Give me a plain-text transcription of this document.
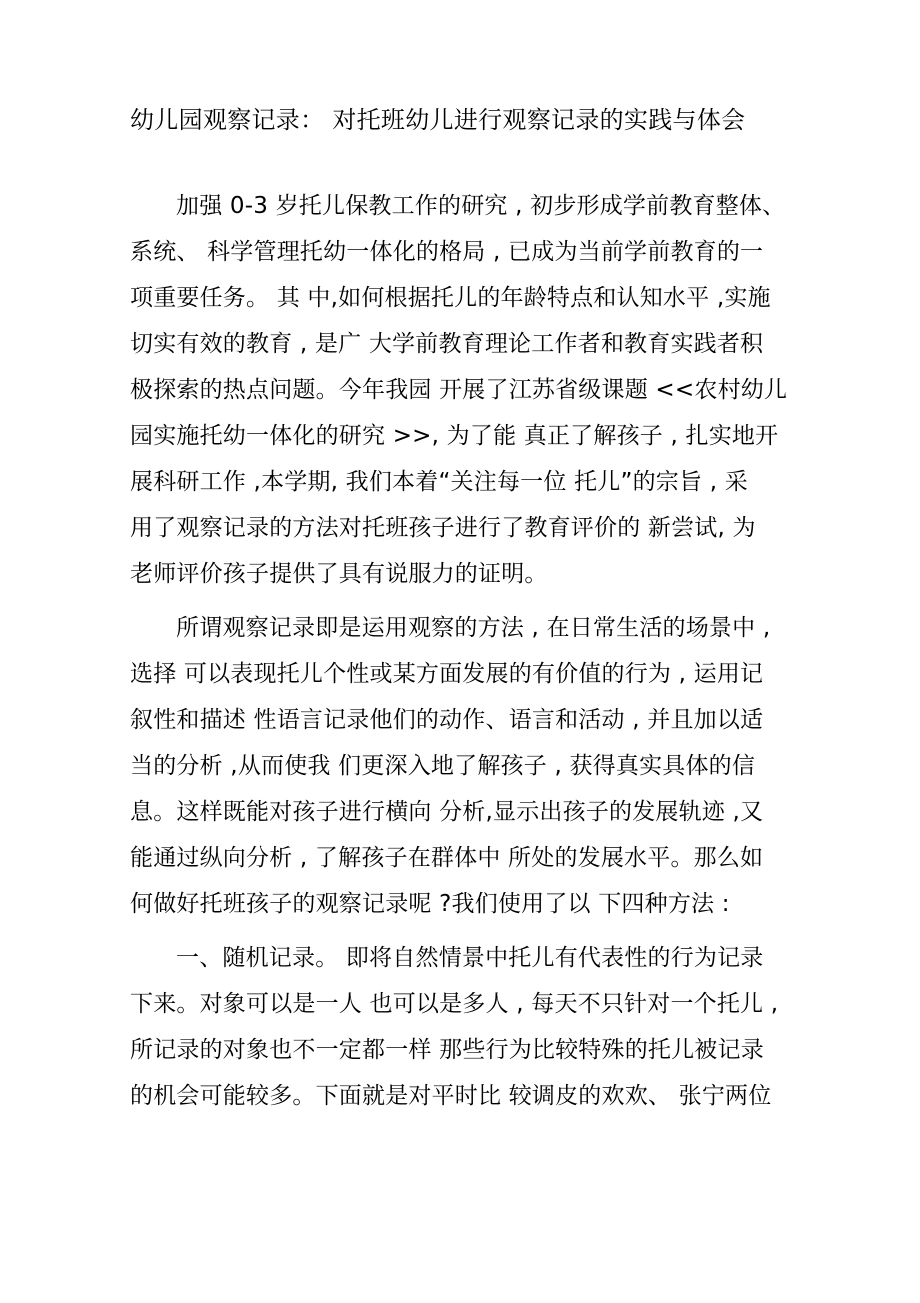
幼儿园观察记录： 对托班幼儿进行观察记录的实践与体会
加强 0-3 岁托儿保教工作的研究 , 初步形成学前教育整体、
系统、 科学管理托幼一体化的格局 , 已成为当前学前教育的一
项重要任务。 其 中,如何根据托儿的年龄特点和认知水平 ,实施
切实有效的教育 , 是广 大学前教育理论工作者和教育实践者积
极探索的热点问题。今年我园 开展了江苏省级课题 <<农村幼儿
园实施托幼一体化的研究 >>, 为了能 真正了解孩子 , 扎实地开
展科研工作 ,本学期, 我们本着“关注每一位 托儿”的宗旨 , 采
用了观察记录的方法对托班孩子进行了教育评价的 新尝试, 为
老师评价孩子提供了具有说服力的证明。
所谓观察记录即是运用观察的方法 , 在日常生活的场景中 ,
选择 可以表现托儿个性或某方面发展的有价值的行为 , 运用记
叙性和描述 性语言记录他们的动作、语言和活动 , 并且加以适
当的分析 ,从而使我 们更深入地了解孩子 , 获得真实具体的信
息。这样既能对孩子进行横向 分析,显示出孩子的发展轨迹 ,又
能通过纵向分析 , 了解孩子在群体中 所处的发展水平。那么如
何做好托班孩子的观察记录呢 ?我们使用了以 下四种方法 :
一、随机记录。 即将自然情景中托儿有代表性的行为记录
下来。对象可以是一人 也可以是多人 , 每天不只针对一个托儿 ,
所记录的对象也不一定都一样 那些行为比较特殊的托儿被记录
的机会可能较多。下面就是对平时比 较调皮的欢欢、 张宁两位
